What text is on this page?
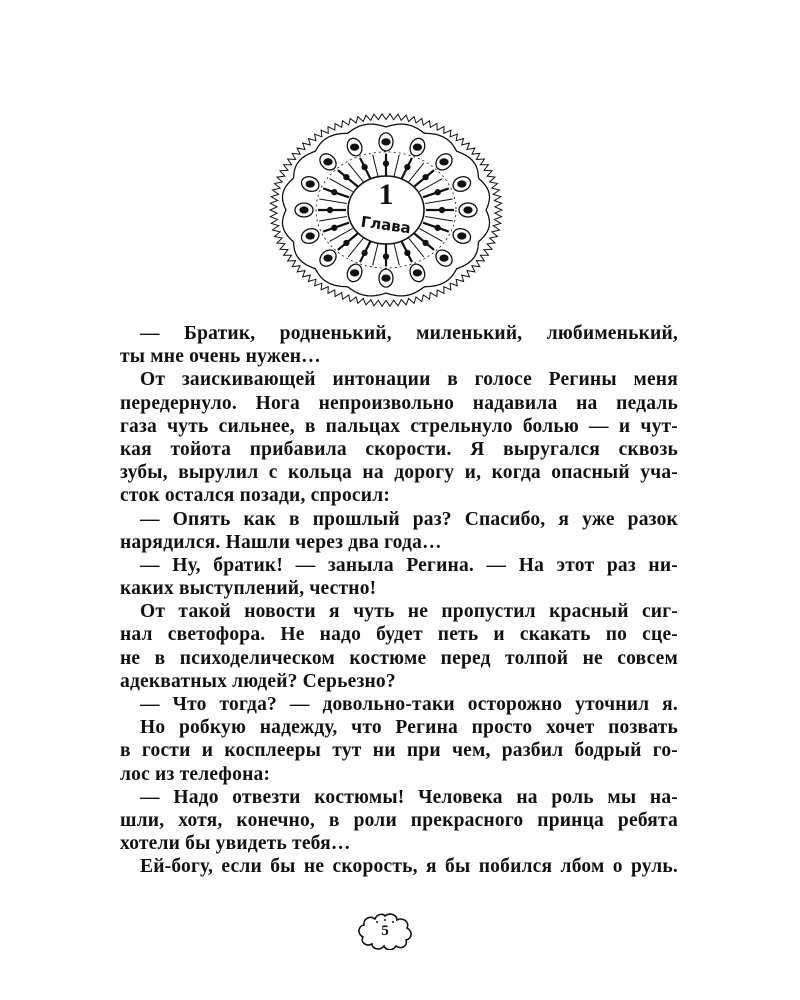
1
Глава
— Братик, родненький, миленький, любименький,
ты мне очень нужен…
От заискивающей интонации в голосе Регины меня
передернуло. Нога непроизвольно надавила на педаль
газа чуть сильнее, в пальцах стрельнуло болью — и чут-
кая тойота прибавила скорости. Я выругался сквозь
зубы, вырулил с кольца на дорогу и, когда опасный уча-
сток остался позади, спросил:
— Опять как в прошлый раз? Спасибо, я уже разок
нарядился. Нашли через два года…
— Ну, братик! — заныла Регина. — На этот раз ни-
каких выступлений, честно!
От такой новости я чуть не пропустил красный сиг-
нал светофора. Не надо будет петь и скакать по сце-
не в психоделическом костюме перед толпой не совсем
адекватных людей? Серьезно?
— Что тогда? — довольно-таки осторожно уточнил я.
Но робкую надежду, что Регина просто хочет позвать
в гости и косплееры тут ни при чем, разбил бодрый го-
лос из телефона:
— Надо отвезти костюмы! Человека на роль мы на-
шли, хотя, конечно, в роли прекрасного принца ребята
хотели бы увидеть тебя…
Ей-богу, если бы не скорость, я бы побился лбом о руль.
5
